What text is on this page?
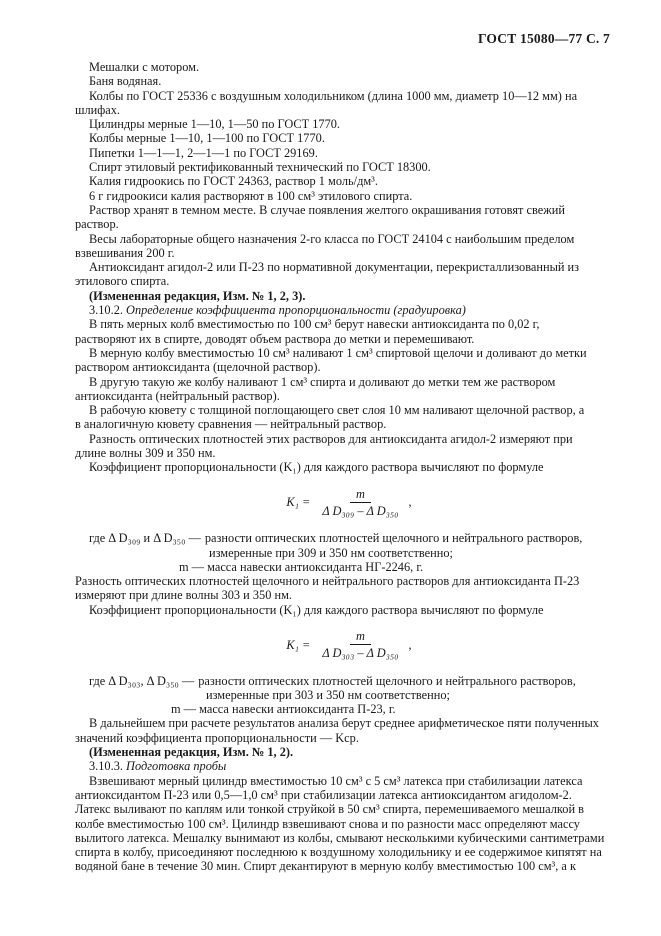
ГОСТ 15080—77 С. 7

Мешалки с мотором.

Баня водяная.

Колбы по ГОСТ 25336 с воздушным холодильником (длина 1000 мм, диаметр 10—12 мм) на

шлифах.

Цилиндры мерные 1—10, 1—50 по ГОСТ 1770.

Колбы мерные 1—10, 1—100 по ГОСТ 1770.

Пипетки 1—1—1, 2—1—1 по ГОСТ 29169.

Спирт этиловый ректификованный технический по ГОСТ 18300.

Калия гидроокись по ГОСТ 24363, раствор 1 моль/дм³.

6 г гидроокиси калия растворяют в 100 см³ этилового спирта.

Раствор хранят в темном месте. В случае появления желтого окрашивания готовят свежий

раствор.

Весы лабораторные общего назначения 2-го класса по ГОСТ 24104 с наибольшим пределом

взвешивания 200 г.

Антиоксидант агидол-2 или П-23 по нормативной документации, перекристаллизованный из

этилового спирта.

(Измененная редакция, Изм. № 1, 2, 3).

3.10.2. Определение коэффициента пропорциональности (градуировка)

В пять мерных колб вместимостью по 100 см³ берут навески антиоксиданта по 0,02 г,

растворяют их в спирте, доводят объем раствора до метки и перемешивают.

В мерную колбу вместимостью 10 см³ наливают 1 см³ спиртовой щелочи и доливают до метки

раствором антиоксиданта (щелочной раствор).

В другую такую же колбу наливают 1 см³ спирта и доливают до метки тем же раствором

антиоксиданта (нейтральный раствор).

В рабочую кювету с толщиной поглощающего свет слоя 10 мм наливают щелочной раствор, а

в аналогичную кювету сравнения — нейтральный раствор.

Разность оптических плотностей этих растворов для антиоксиданта агидол-2 измеряют при

длине волны 309 и 350 нм.

Коэффициент пропорциональности (K₁) для каждого раствора вычисляют по формуле

$K_1 = \frac{m}{\text{Δ D₃₀₉ – Δ D₃₅₀}}$ ,
где Δ D₃₀₉ и Δ D₃₅₀ — разности оптических плотностей щелочного и нейтрального растворов,

измеренные при 309 и 350 нм соответственно;

m — масса навески антиоксиданта НГ-2246, г.

Разность оптических плотностей щелочного и нейтрального растворов для антиоксиданта П-23

измеряют при длине волны 303 и 350 нм.

Коэффициент пропорциональности (K₁) для каждого раствора вычисляют по формуле

$K_1 = \frac{m}{\text{Δ D₃₀₃ – Δ D₃₅₀}}$ ,
где Δ D₃₀₃, Δ D₃₅₀ — разности оптических плотностей щелочного и нейтрального растворов,

измеренные при 303 и 350 нм соответственно;

m — масса навески антиоксиданта П-23, г.

В дальнейшем при расчете результатов анализа берут среднее арифметическое пяти полученных

значений коэффициента пропорциональности — Kср.

(Измененная редакция, Изм. № 1, 2).

3.10.3. Подготовка пробы

Взвешивают мерный цилиндр вместимостью 10 см³ с 5 см³ латекса при стабилизации латекса

антиоксидантом П-23 или 0,5—1,0 см³ при стабилизации латекса антиоксидантом агидолом-2.

Латекс выливают по каплям или тонкой струйкой в 50 см³ спирта, перемешиваемого мешалкой в

колбе вместимостью 100 см³. Цилиндр взвешивают снова и по разности масс определяют массу

вылитого латекса. Мешалку вынимают из колбы, смывают несколькими кубическими сантиметрами

спирта в колбу, присоединяют последнюю к воздушному холодильнику и ее содержимое кипятят на

водяной бане в течение 30 мин. Спирт декантируют в мерную колбу вместимостью 100 см³, а к
